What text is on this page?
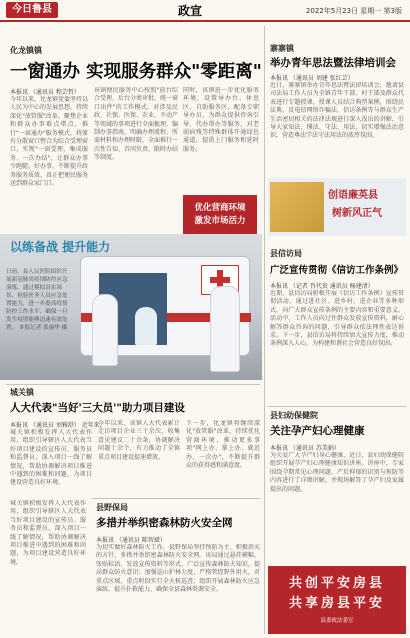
今日鲁县	政宣	2022年5月23日 星期一 第3版
化龙镇镇
一窗通办 实现服务群众"零距离"
本报讯 （通讯员 程芸哲）
今年以来，化龙镇党委坚持以人民为中心的发展思想，持续深化"放管服"改革，聚焦企业和群众办事难点堵点，推行"一窗通办"服务模式，将原有分散窗口整合为综合受理窗口，实现"一窗受理、集成服务、一次办结"，让群众办事少跑腿、好办事，不断提升政务服务质效，真正把便民服务送到群众家门口。
该镇便民服务中心按照"前台综合受理、后台分类审批、统一窗口出件"的工作模式，对涉及民政、社保、医保、农业、不动产等领域的事项进行全面梳理，编制办事指南，明确办理流程、所需材料和办理时限，全面推行一次性告知、首问负责、限时办结等制度。
同时，该镇进一步优化服务环境，设置导办台、休息区、自助服务区，配备专职导办员，为群众提供咨询引导、代办帮办等服务，对老弱病残等特殊群体开通绿色通道，提供上门服务和延时服务。
优化营商环境
激发市场活力
日前，县人民医院组织开展新冠肺炎疫情防控应急演练，通过模拟真实场景，检验医务人员应急处置能力，进一步提高疫情防控工作水平，确保一旦发生疫情能够迅速有效处置。 本报记者 张丽华 摄
以练备战 提升能力
寨寨镇
举办青年思法暨法律培训会
本报讯 （通讯员 刘建 张红芸）
近日，寨寨镇举办青年思法暨法律培训会，邀请县司法局工作人员为全镇青年干部、村干部及群众代表进行专题授课。授课人员结合典型案例，围绕民法典、反电信网络诈骗法、信访条例等与群众生产生活密切相关的法律法规进行深入浅出的讲解，引导大家知法、懂法、守法、用法，切实增强法治意识，营造尊法学法守法用法的浓厚氛围。
创语廉英县
树新风正气
县信访局
广泛宣传贯彻《信访工作条例》
本报讯 （记者 肖代贵 通讯员 杨建清）
近期，县信访局积极开展《信访工作条例》宣传贯彻活动，通过进社区、进乡村、进企业等多种形式，向广大群众宣传条例的主要内容和重要意义。活动中，工作人员向过往群众发放宣传资料，耐心解答群众咨询的问题，引导群众依法理性表达诉求。下一步，县信访局将持续加大宣传力度，推动条例深入人心，为构建和谐社会营造良好氛围。
城关镇
人大代表"当好'三大员'"助力项目建设
本报讯 （通讯员 刘雅舒） 近年来，
城关镇积极发挥人大代表作用，组织引导辖区人大代表当好项目建设的宣传员、服务员和监督员，深入项目一线了解情况，帮助协调解决项目推进中遇到的困难和问题，为项目建设营造良好环境。
今年以来，该镇人大代表累计走访项目企业三十余次，收集意见建议二十余条，协调解决问题十余个，有力推动了全镇重点项目建设提速增效。
下一步，化龙镇将继续深化"放管服"改革，持续优化营商环境，推动更多事项"网上办、掌上办、就近办、一次办"，不断提升群众的获得感和满意度。
城关镇积极发挥人大代表作用，组织引导辖区人大代表当好项目建设的宣传员、服务员和监督员，深入项目一线了解情况，帮助协调解决项目推进中遇到的困难和问题，为项目建设营造良好环境。
县野保局
多措并举织密森林防火安全网
本报讯 （通讯员 陈智斌）
为切实做好森林防火工作，县野保局坚持预防为主、积极消灭的方针，多措并举织密森林防火安全网。该局通过悬挂横幅、张贴标语、发放宣传资料等形式，广泛宣传森林防火知识，提高群众防火意识；加强巡山护林力度，严格管控野外用火，对重点区域、重点时段实行全天候巡查；组织开展森林防火应急演练，提升扑救能力，确保全县森林资源安全。
县妇幼保健院
关注孕产妇心理健康
本报讯 （通讯员 苏美娟）
为关爱广大孕产妇身心健康，近日，县妇幼保健院组织开展孕产妇心理健康知识讲座。讲座中，专家围绕孕期常见心理问题、产后抑郁的识别与预防等内容进行了详细讲解，并现场解答了孕产妇及家属提出的问题。
共创平安房县
共享房县平安
县委政法委宣
